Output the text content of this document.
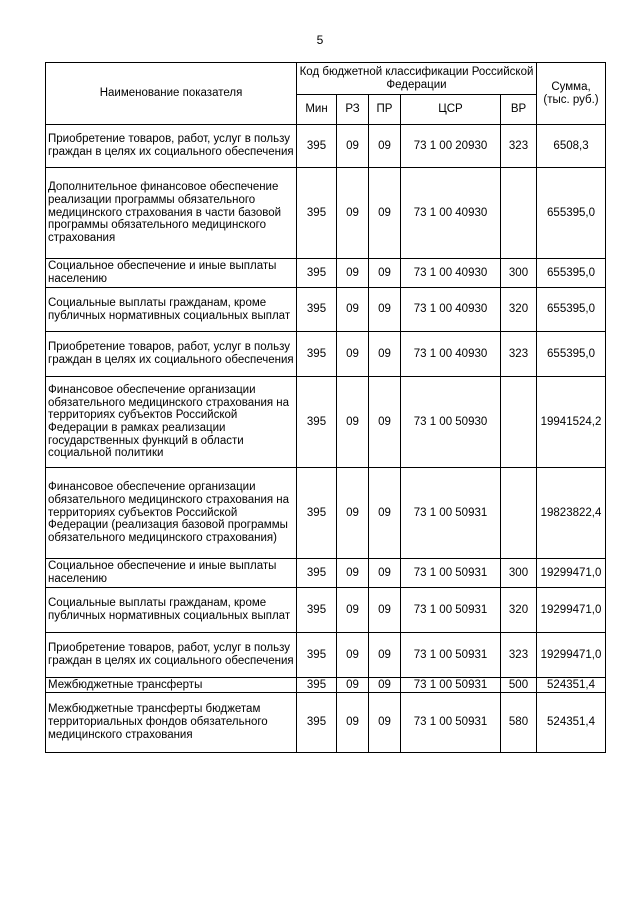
5
Наименование показателя	Код бюджетной классификации Российской Федерации					Сумма, (тыс. руб.)
	Мин	РЗ	ПР	ЦСР	ВР	
Приобретение товаров, работ, услуг в пользу граждан в целях их социального обеспечения	395	09	09	73 1 00 20930	323	6508,3
Дополнительное финансовое обеспечение реализации программы обязательного медицинского страхования в части базовой программы обязательного медицинского страхования	395	09	09	73 1 00 40930		655395,0
Социальное обеспечение и иные выплаты населению	395	09	09	73 1 00 40930	300	655395,0
Социальные выплаты гражданам, кроме публичных нормативных социальных выплат	395	09	09	73 1 00 40930	320	655395,0
Приобретение товаров, работ, услуг в пользу граждан в целях их социального обеспечения	395	09	09	73 1 00 40930	323	655395,0
Финансовое обеспечение организации обязательного медицинского страхования на территориях субъектов Российской Федерации в рамках реализации государственных функций в области социальной политики	395	09	09	73 1 00 50930		19941524,2
Финансовое обеспечение организации обязательного медицинского страхования на территориях субъектов Российской Федерации (реализация базовой программы обязательного медицинского страхования)	395	09	09	73 1 00 50931		19823822,4
Социальное обеспечение и иные выплаты населению	395	09	09	73 1 00 50931	300	19299471,0
Социальные выплаты гражданам, кроме публичных нормативных социальных выплат	395	09	09	73 1 00 50931	320	19299471,0
Приобретение товаров, работ, услуг в пользу граждан в целях их социального обеспечения	395	09	09	73 1 00 50931	323	19299471,0
Межбюджетные трансферты	395	09	09	73 1 00 50931	500	524351,4
Межбюджетные трансферты бюджетам территориальных фондов обязательного медицинского страхования	395	09	09	73 1 00 50931	580	524351,4
